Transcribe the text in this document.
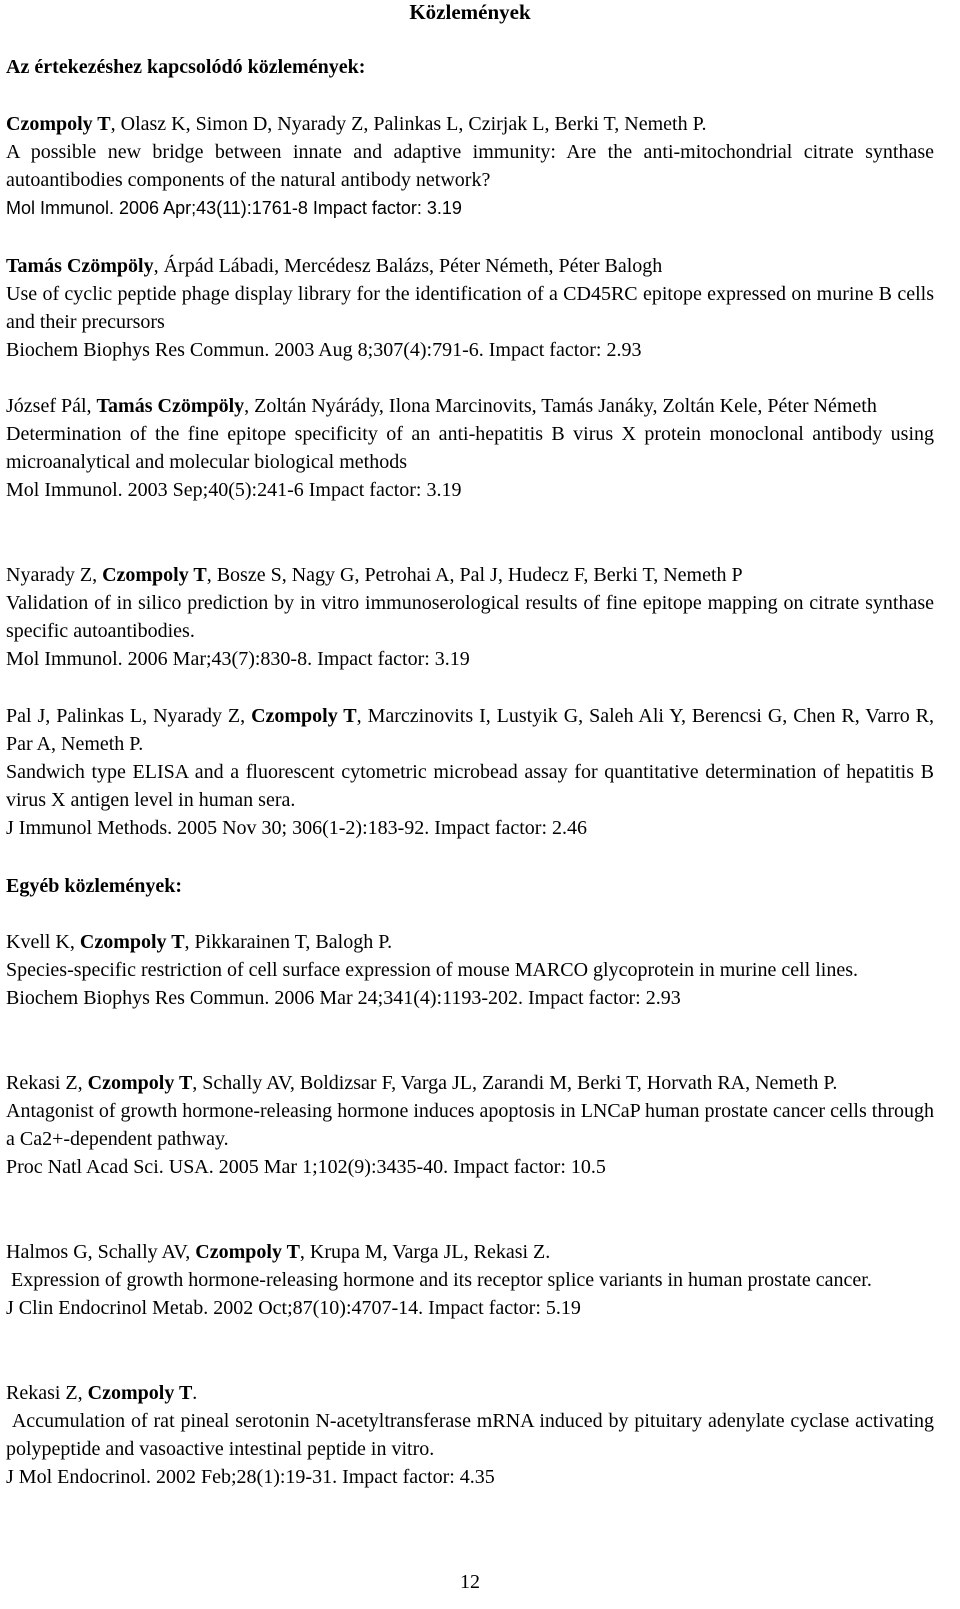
Közlemények
Az értekezéshez kapcsolódó közlemények:

Czompoly T, Olasz K, Simon D, Nyarady Z, Palinkas L, Czirjak L, Berki T, Nemeth P.

A possible new bridge between innate and adaptive immunity: Are the anti-mitochondrial citrate synthase autoantibodies components of the natural antibody network?

Mol Immunol. 2006 Apr;43(11):1761-8 Impact factor: 3.19

Tamás Czömpöly, Árpád Lábadi, Mercédesz Balázs, Péter Németh, Péter Balogh

Use of cyclic peptide phage display library for the identification of a CD45RC epitope expressed on murine B cells and their precursors

Biochem Biophys Res Commun. 2003 Aug 8;307(4):791-6. Impact factor: 2.93

József Pál, Tamás Czömpöly, Zoltán Nyárády, Ilona Marcinovits, Tamás Janáky, Zoltán Kele, Péter Németh

Determination of the fine epitope specificity of an anti-hepatitis B virus X protein monoclonal antibody using microanalytical and molecular biological methods

Mol Immunol. 2003 Sep;40(5):241-6 Impact factor: 3.19

Nyarady Z, Czompoly T, Bosze S, Nagy G, Petrohai A, Pal J, Hudecz F, Berki T, Nemeth P

Validation of in silico prediction by in vitro immunoserological results of fine epitope mapping on citrate synthase specific autoantibodies.

Mol Immunol. 2006 Mar;43(7):830-8. Impact factor: 3.19

Pal J, Palinkas L, Nyarady Z, Czompoly T, Marczinovits I, Lustyik G, Saleh Ali Y, Berencsi G, Chen R, Varro R, Par A, Nemeth P.

Sandwich type ELISA and a fluorescent cytometric microbead assay for quantitative determination of hepatitis B virus X antigen level in human sera.

J Immunol Methods. 2005 Nov 30; 306(1-2):183-92. Impact factor: 2.46

Egyéb közlemények:

Kvell K, Czompoly T, Pikkarainen T, Balogh P.

Species-specific restriction of cell surface expression of mouse MARCO glycoprotein in murine cell lines.

Biochem Biophys Res Commun. 2006 Mar 24;341(4):1193-202. Impact factor: 2.93

Rekasi Z, Czompoly T, Schally AV, Boldizsar F, Varga JL, Zarandi M, Berki T, Horvath RA, Nemeth P.

Antagonist of growth hormone-releasing hormone induces apoptosis in LNCaP human prostate cancer cells through a Ca2+-dependent pathway.

Proc Natl Acad Sci. USA. 2005 Mar 1;102(9):3435-40. Impact factor: 10.5

Halmos G, Schally AV, Czompoly T, Krupa M, Varga JL, Rekasi Z.

Expression of growth hormone-releasing hormone and its receptor splice variants in human prostate cancer.

J Clin Endocrinol Metab. 2002 Oct;87(10):4707-14. Impact factor: 5.19

Rekasi Z, Czompoly T.

Accumulation of rat pineal serotonin N-acetyltransferase mRNA induced by pituitary adenylate cyclase activating polypeptide and vasoactive intestinal peptide in vitro.

J Mol Endocrinol. 2002 Feb;28(1):19-31. Impact factor: 4.35

12
